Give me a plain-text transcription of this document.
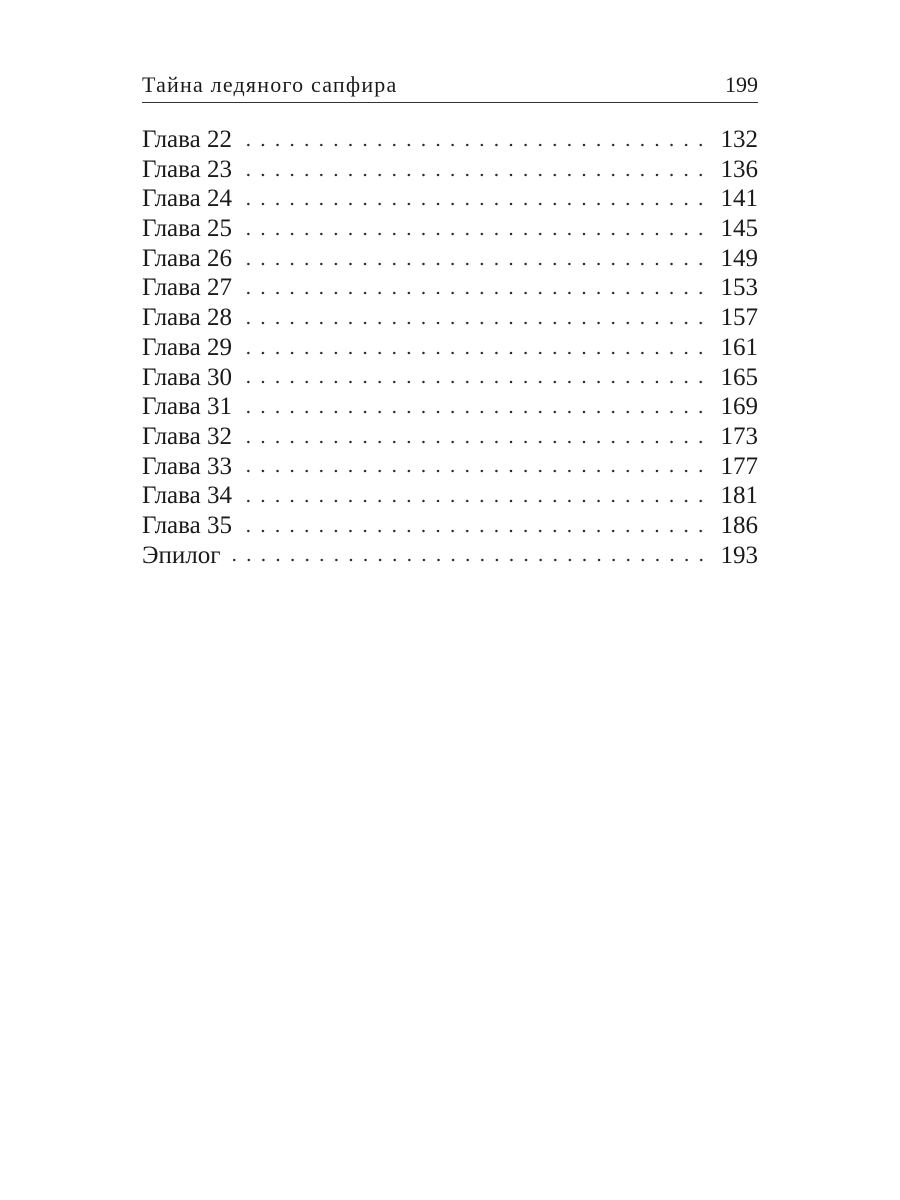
Тайна ледяного сапфира	199
Глава 22	132
Глава 23	136
Глава 24	141
Глава 25	145
Глава 26	149
Глава 27	153
Глава 28	157
Глава 29	161
Глава 30	165
Глава 31	169
Глава 32	173
Глава 33	177
Глава 34	181
Глава 35	186
Эпилог	193
